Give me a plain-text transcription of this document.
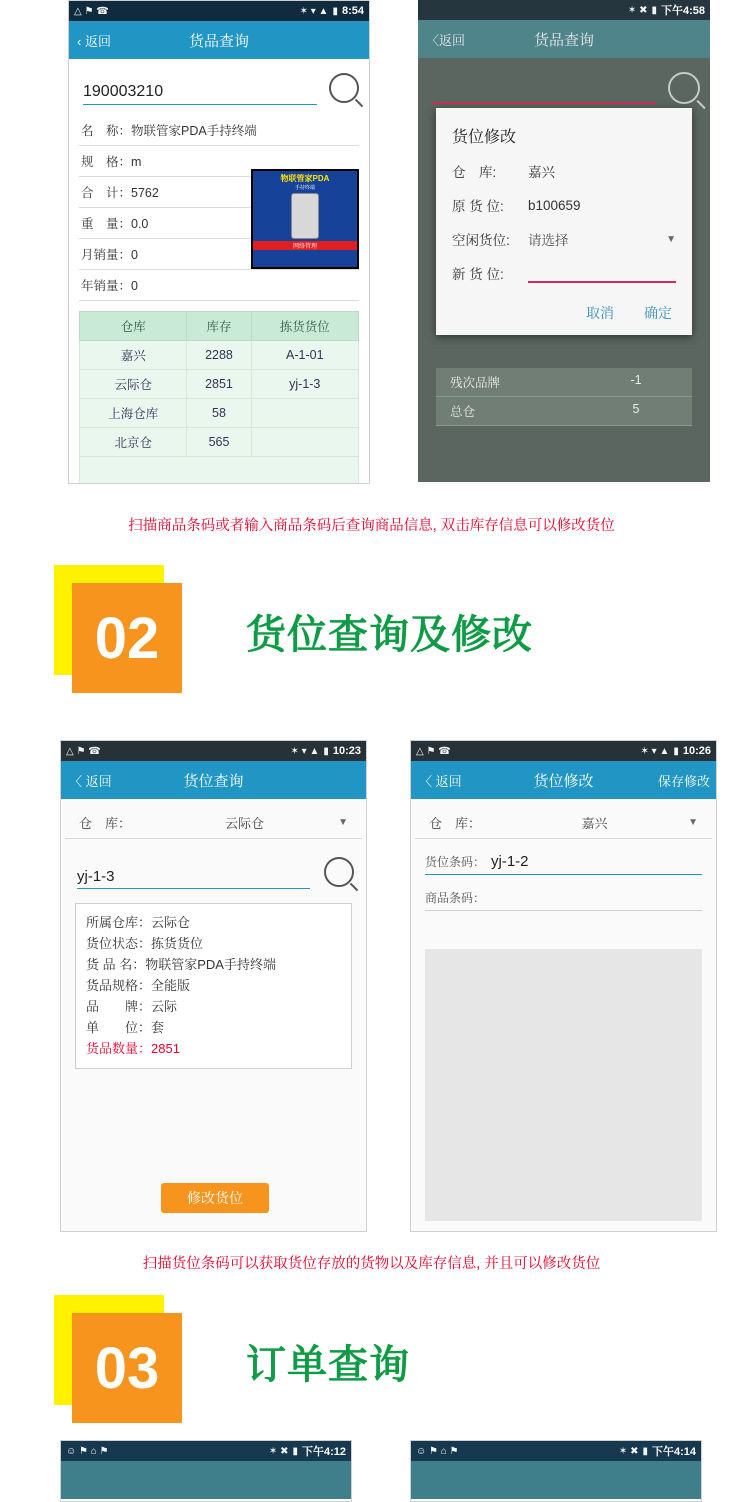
△ ⚑ ☎	✶ ▾ ▲ ▮ 8:54
‹ 返回	货品查询
190003210
名　称：物联管家PDA手持终端
规　格：m
合　计：5762
重　量：0.0
月销量：0
年销量：0
物联管家PDA
手持终端
网络管理
仓库	库存	拣货货位
嘉兴	2288	A-1-01
云际仓	2851	yj-1-3
上海仓库	58	
北京仓	565	
✶ ✖ ▮ 下午4:58
〈返回	货品查询
残次品牌	-1
总仓	5
货位修改
仓　库:	嘉兴
原 货 位:	b100659
空闲货位:	请选择	▼
新 货 位:
取消 确定
扫描商品条码或者输入商品条码后查询商品信息, 双击库存信息可以修改货位
02	货位查询及修改
△ ⚑ ☎	✶ ▾ ▲ ▮ 10:23
〈 返回	货位查询
仓　库：	云际仓	▼
yj-1-3
所属仓库：云际仓
货位状态：拣货货位
货 品 名：物联管家PDA手持终端
货品规格：全能版
品　　牌：云际
单　　位：套
货品数量：2851
修改货位
△ ⚑ ☎	✶ ▾ ▲ ▮ 10:26
〈 返回	货位修改	保存修改
仓　库：	嘉兴	▼
货位条码： yj-1-2
商品条码：
扫描货位条码可以获取货位存放的货物以及库存信息, 并且可以修改货位
03	订单查询
☺ ⚑ ⌂ ⚑	✶ ✖ ▮ 下午4:12	☺ ⚑ ⌂ ⚑	✶ ✖ ▮ 下午4:14
